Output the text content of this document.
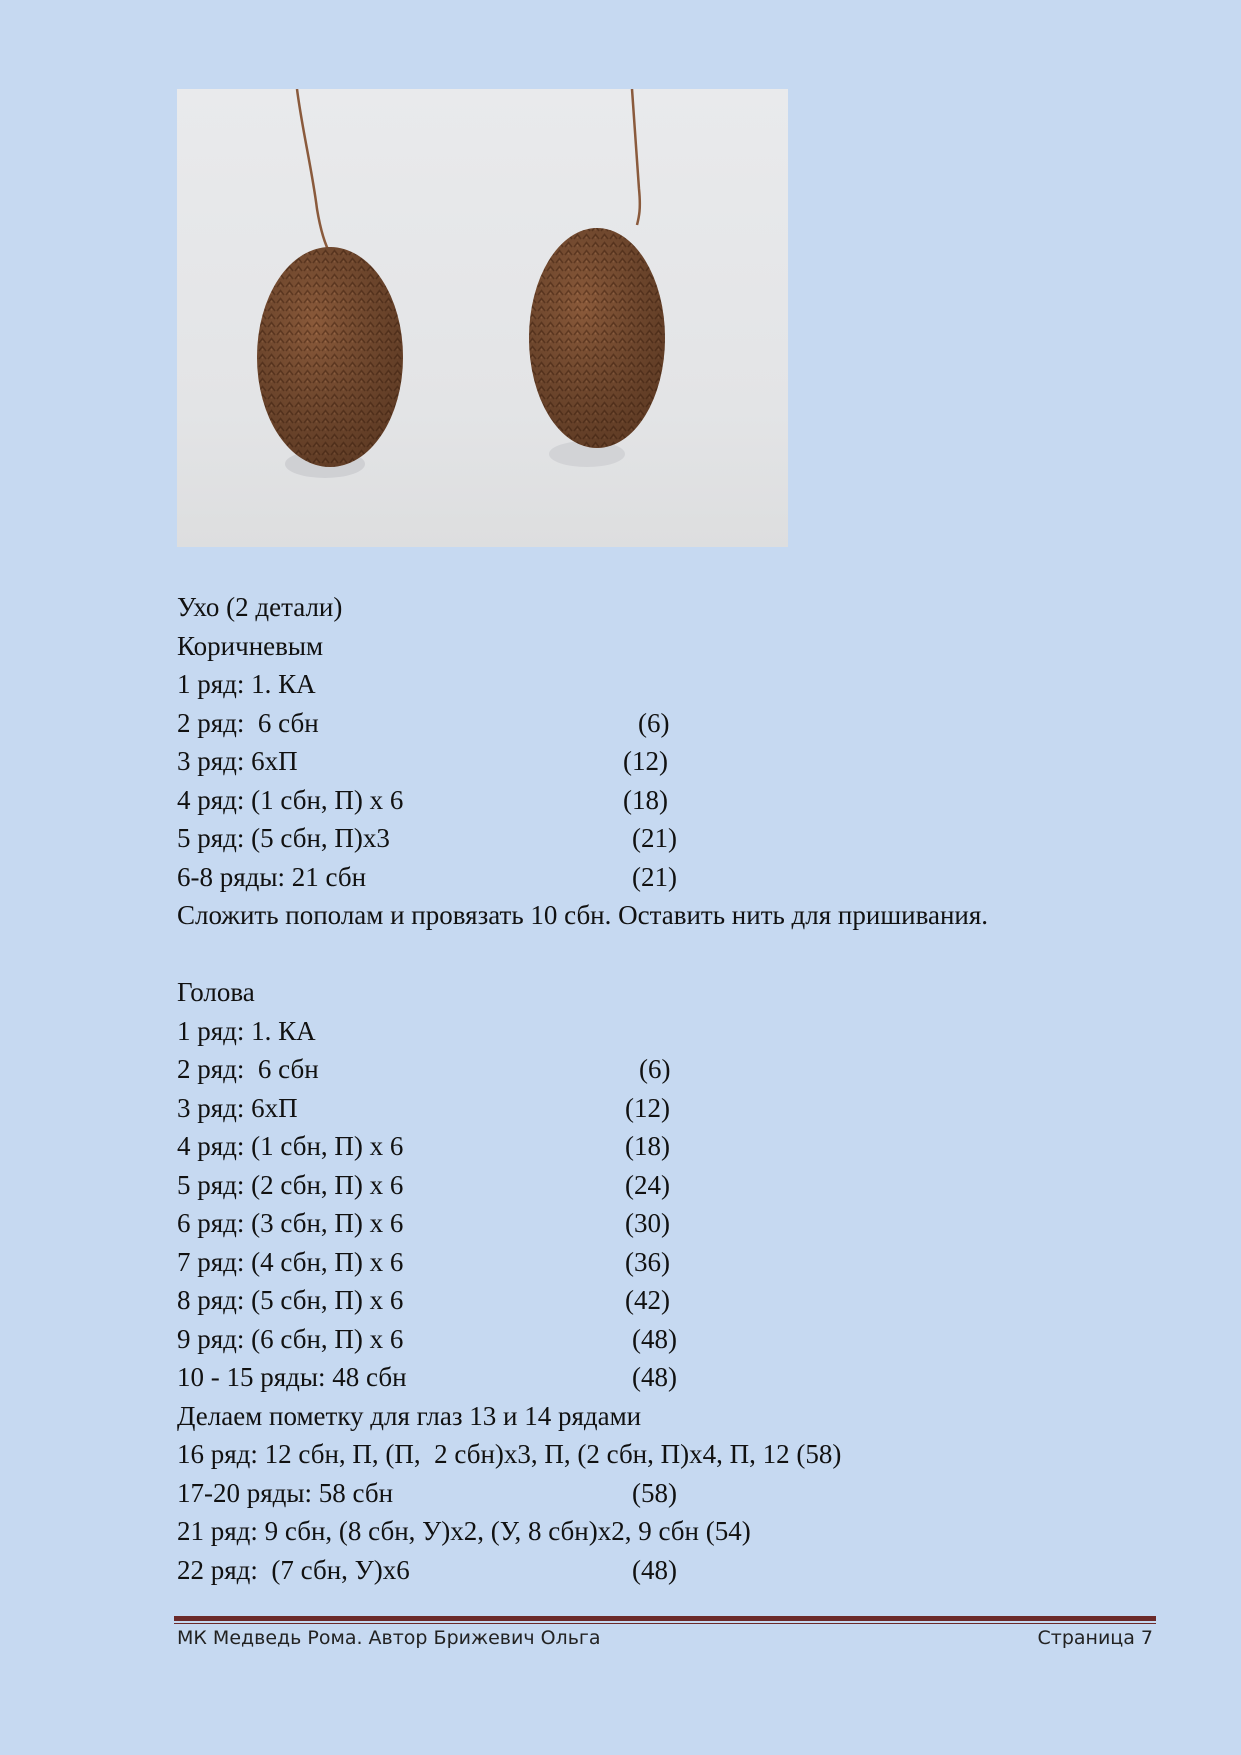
Ухо (2 детали)
Коричневым
1 ряд: 1. КА
2 ряд:  6 сбн	(6)
3 ряд: 6хП	(12)
4 ряд: (1 сбн, П) х 6	(18)
5 ряд: (5 сбн, П)х3	(21)
6-8 ряды: 21 сбн	(21)
Сложить пополам и провязать 10 сбн. Оставить нить для пришивания.
Голова
1 ряд: 1. КА
2 ряд:  6 сбн	(6)
3 ряд: 6хП	(12)
4 ряд: (1 сбн, П) х 6	(18)
5 ряд: (2 сбн, П) х 6	(24)
6 ряд: (3 сбн, П) х 6	(30)
7 ряд: (4 сбн, П) х 6	(36)
8 ряд: (5 сбн, П) х 6	(42)
9 ряд: (6 сбн, П) х 6	(48)
10 - 15 ряды: 48 сбн	(48)
Делаем пометку для глаз 13 и 14 рядами
16 ряд: 12 сбн, П, (П,  2 сбн)х3, П, (2 сбн, П)х4, П, 12 (58)
17-20 ряды: 58 сбн	(58)
21 ряд: 9 сбн, (8 сбн, У)х2, (У, 8 сбн)х2, 9 сбн (54)
22 ряд:  (7 сбн, У)х6	(48)
МК Медведь Рома. Автор Брижевич Ольга	Страница 7
